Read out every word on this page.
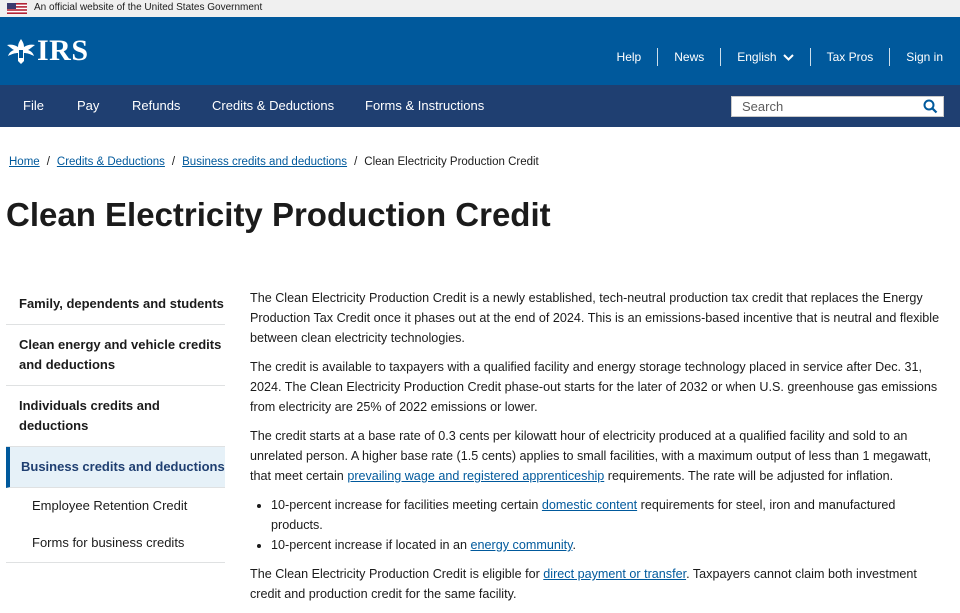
An official website of the United States Government
IRS	Help	News	English	Tax Pros	Sign in
File	Pay	Refunds Credits & Deductions Forms & Instructions
Search
Home / Credits & Deductions / Business credits and deductions / Clean Electricity Production Credit
Clean Electricity Production Credit
Family, dependents and students
Clean energy and vehicle credits and deductions
Individuals credits and deductions
Business credits and deductions
Employee Retention Credit
Forms for business credits

The Clean Electricity Production Credit is a newly established, tech-neutral production tax credit that replaces the Energy Production Tax Credit once it phases out at the end of 2024. This is an emissions-based incentive that is neutral and flexible between clean electricity technologies.

The credit is available to taxpayers with a qualified facility and energy storage technology placed in service after Dec. 31, 2024. The Clean Electricity Production Credit phase-out starts for the later of 2032 or when U.S. greenhouse gas emissions from electricity are 25% of 2022 emissions or lower.

The credit starts at a base rate of 0.3 cents per kilowatt hour of electricity produced at a qualified facility and sold to an unrelated person. A higher base rate (1.5 cents) applies to small facilities, with a maximum output of less than 1 megawatt, that meet certain prevailing wage and registered apprenticeship requirements. The rate will be adjusted for inflation.

• 10-percent increase for facilities meeting certain domestic content requirements for steel, iron and manufactured products.
• 10-percent increase if located in an energy community.

The Clean Electricity Production Credit is eligible for direct payment or transfer. Taxpayers cannot claim both investment credit and production credit for the same facility.
